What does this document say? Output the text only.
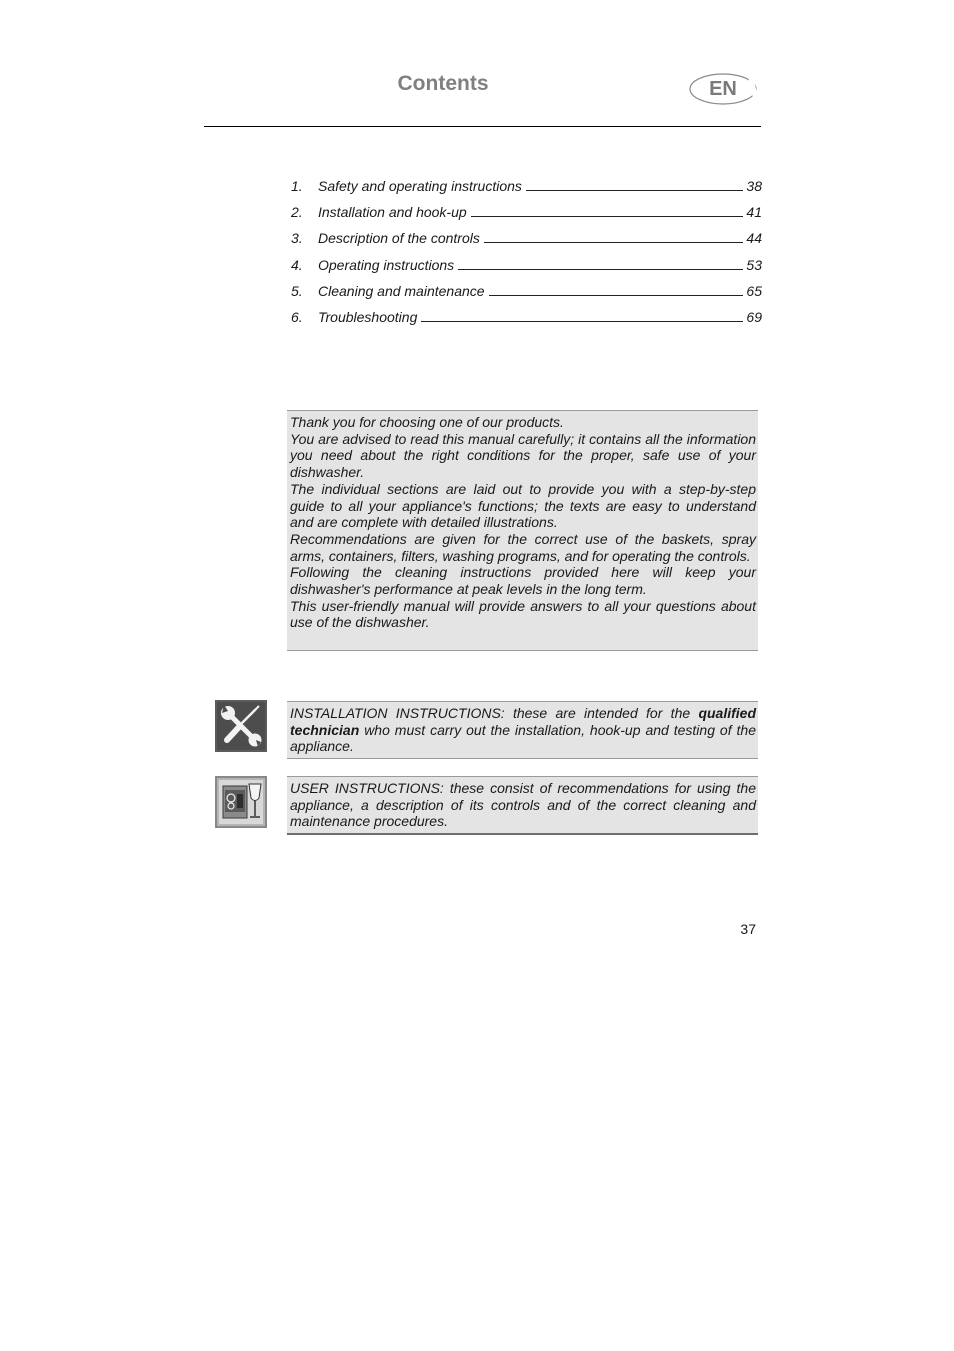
Contents	EN
1.	Safety and operating instructions	38
2.	Installation and hook-up	41
3.	Description of the controls	44
4.	Operating instructions	53
5.	Cleaning and maintenance	65
6.	Troubleshooting	69

Thank you for choosing one of our products.

You are advised to read this manual carefully; it contains all the information you need about the right conditions for the proper, safe use of your dishwasher.

The individual sections are laid out to provide you with a step-by-step guide to all your appliance's functions; the texts are easy to understand and are complete with detailed illustrations.

Recommendations are given for the correct use of the baskets, spray arms, containers, filters, washing programs, and for operating the controls.

Following the cleaning instructions provided here will keep your dishwasher's performance at peak levels in the long term.

This user-friendly manual will provide answers to all your questions about use of the dishwasher.

INSTALLATION INSTRUCTIONS: these are intended for the qualified technician who must carry out the installation, hook-up and testing of the appliance.

USER INSTRUCTIONS: these consist of recommendations for using the appliance, a description of its controls and of the correct cleaning and maintenance procedures.

37
